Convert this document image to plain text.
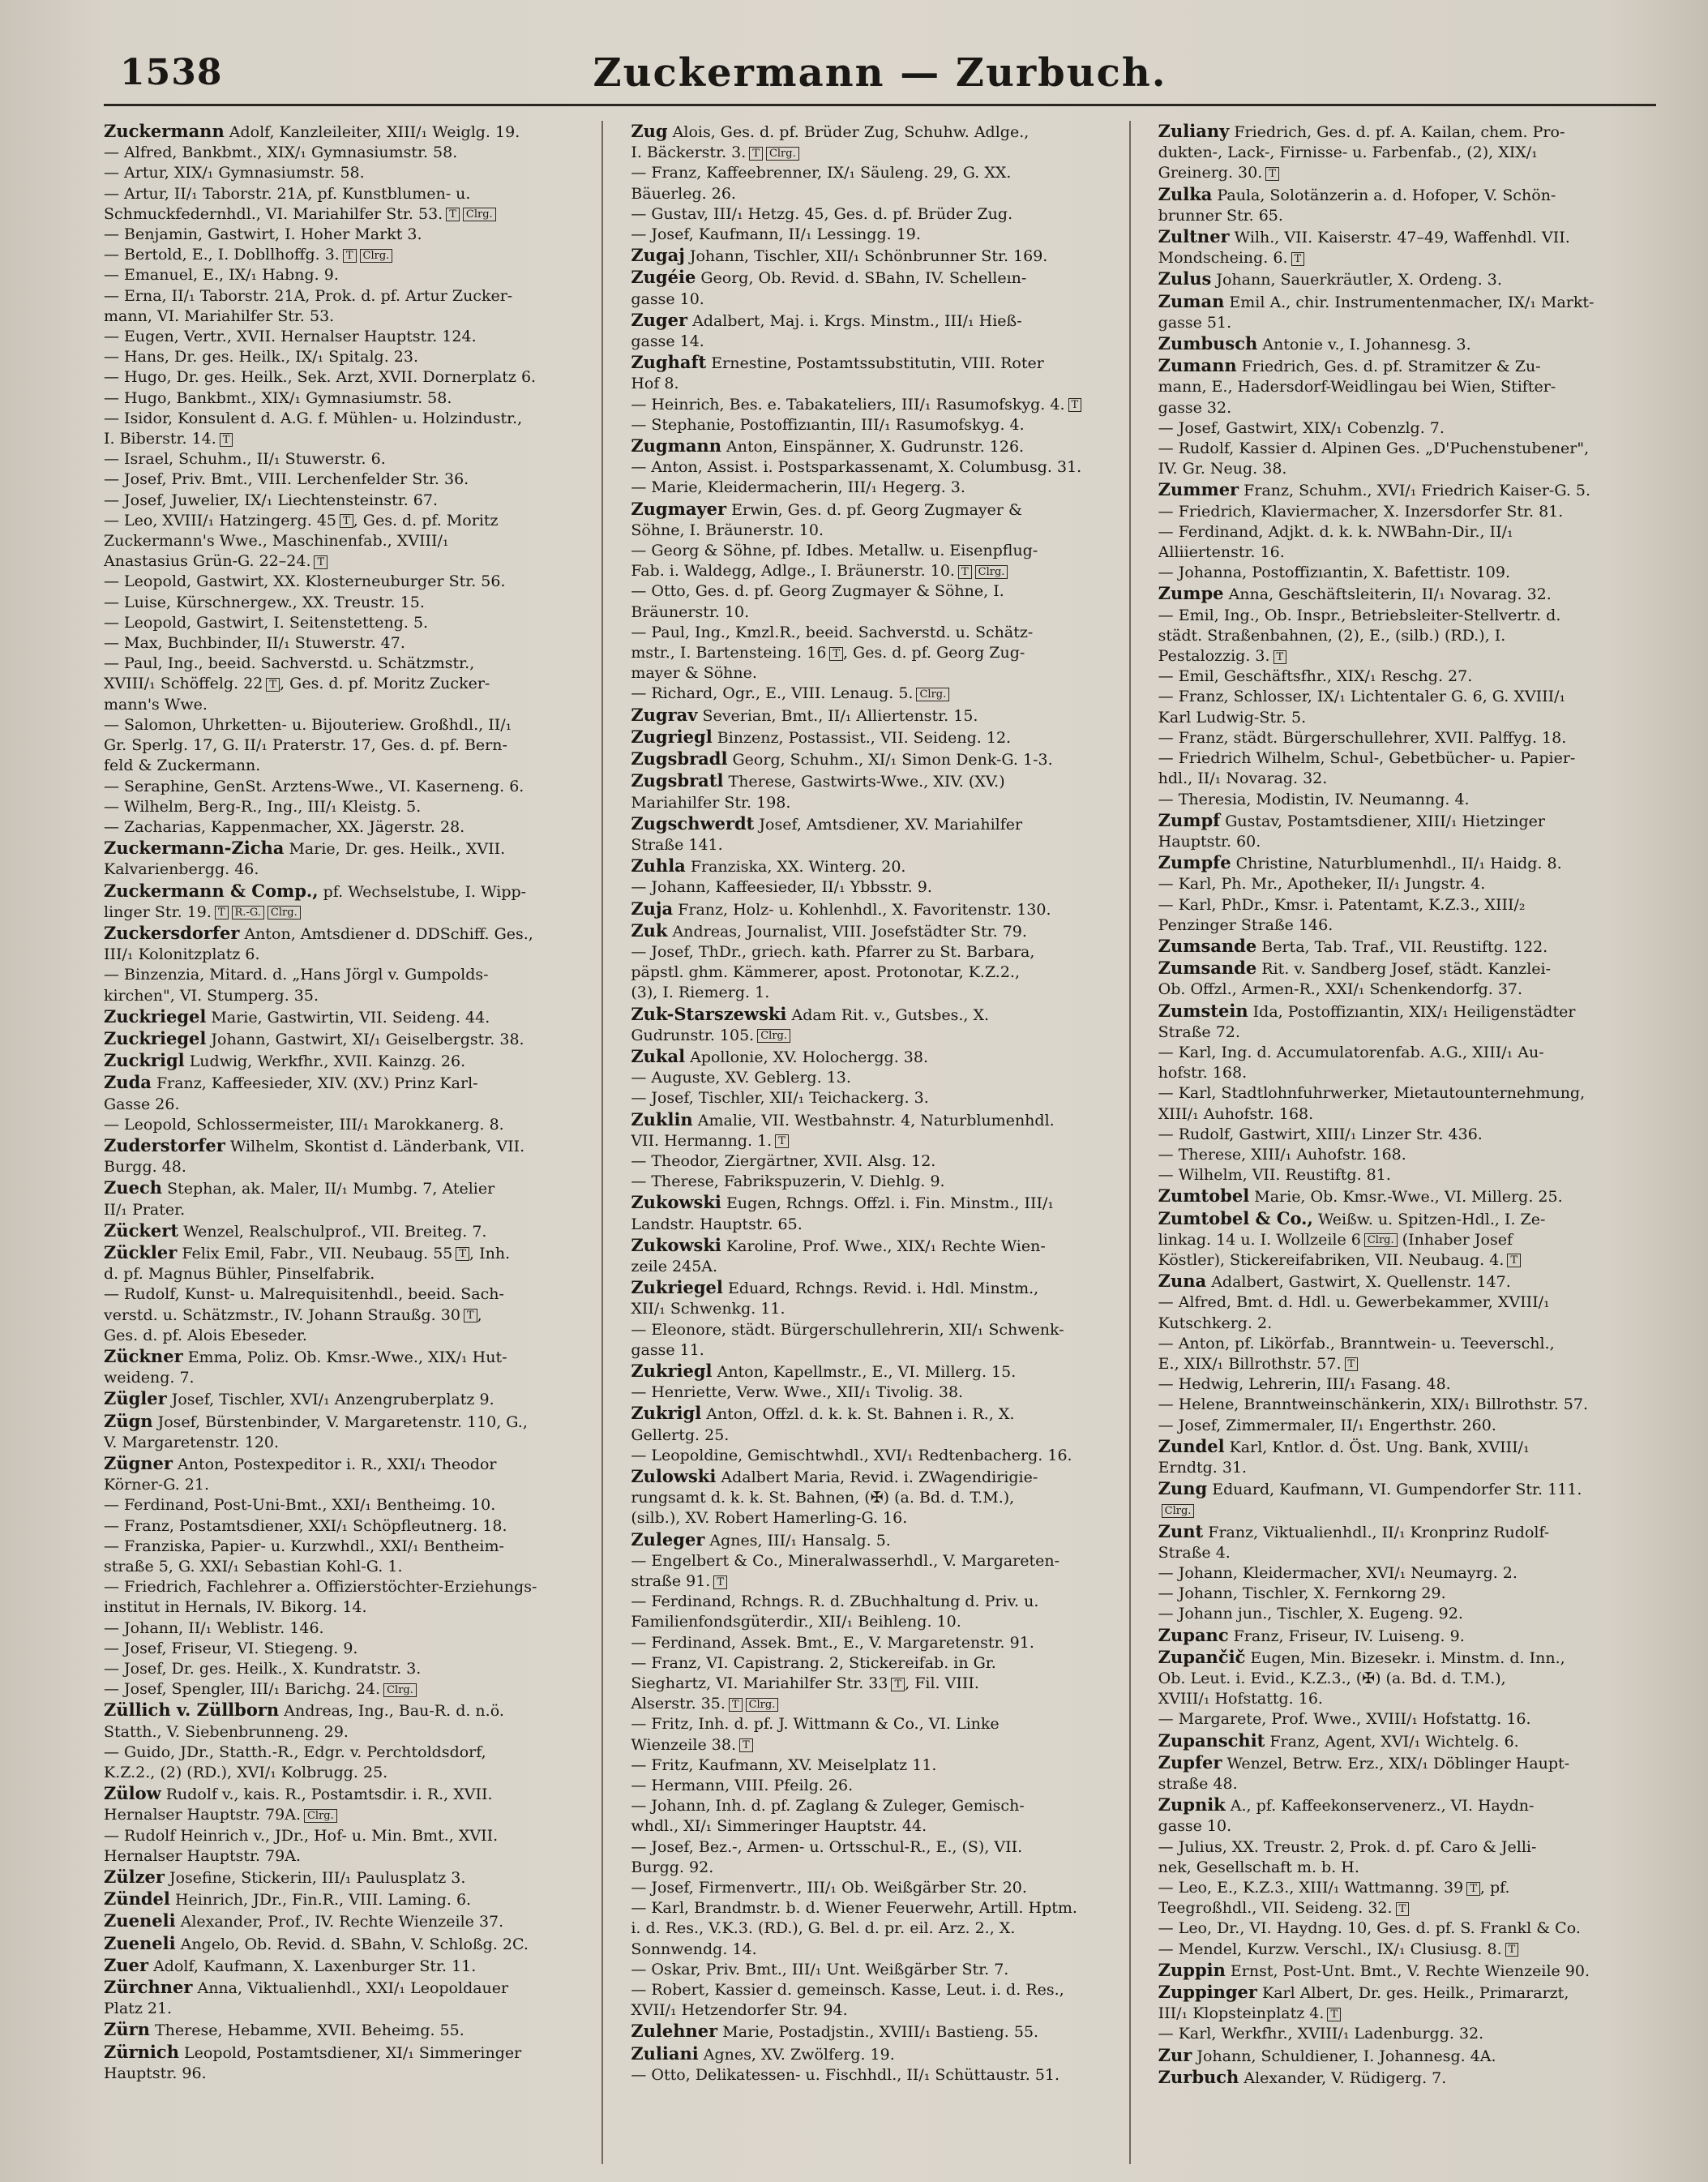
1538	Zuckermann — Zurbuch.
Zuckermann Adolf, Kanzleileiter, XIII/₁ Weiglg. 19.
— Alfred, Bankbmt., XIX/₁ Gymnasiumstr. 58.
— Artur, XIX/₁ Gymnasiumstr. 58.
— Artur, II/₁ Taborstr. 21A, pf. Kunstblumen- u.
Schmuckfedernhdl., VI. Mariahilfer Str. 53. T Clrg.
— Benjamin, Gastwirt, I. Hoher Markt 3.
— Bertold, E., I. Dobllhoffg. 3. T Clrg.
— Emanuel, E., IX/₁ Habng. 9.
— Erna, II/₁ Taborstr. 21A, Prok. d. pf. Artur Zucker-
mann, VI. Mariahilfer Str. 53.
— Eugen, Vertr., XVII. Hernalser Hauptstr. 124.
— Hans, Dr. ges. Heilk., IX/₁ Spitalg. 23.
— Hugo, Dr. ges. Heilk., Sek. Arzt, XVII. Dornerplatz 6.
— Hugo, Bankbmt., XIX/₁ Gymnasiumstr. 58.
— Isidor, Konsulent d. A.G. f. Mühlen- u. Holzindustr.,
I. Biberstr. 14. T
— Israel, Schuhm., II/₁ Stuwerstr. 6.
— Josef, Priv. Bmt., VIII. Lerchenfelder Str. 36.
— Josef, Juwelier, IX/₁ Liechtensteinstr. 67.
— Leo, XVIII/₁ Hatzingerg. 45 T , Ges. d. pf. Moritz
Zuckermann's Wwe., Maschinenfab., XVIII/₁
Anastasius Grün-G. 22–24. T
— Leopold, Gastwirt, XX. Klosterneuburger Str. 56.
— Luise, Kürschnergew., XX. Treustr. 15.
— Leopold, Gastwirt, I. Seitenstetteng. 5.
— Max, Buchbinder, II/₁ Stuwerstr. 47.
— Paul, Ing., beeid. Sachverstd. u. Schätzmstr.,
XVIII/₁ Schöffelg. 22 T , Ges. d. pf. Moritz Zucker-
mann's Wwe.
— Salomon, Uhrketten- u. Bijouteriew. Großhdl., II/₁
Gr. Sperlg. 17, G. II/₁ Praterstr. 17, Ges. d. pf. Bern-
feld & Zuckermann.
— Seraphine, GenSt. Arztens-Wwe., VI. Kaserneng. 6.
— Wilhelm, Berg-R., Ing., III/₁ Kleistg. 5.
— Zacharias, Kappenmacher, XX. Jägerstr. 28.
Zuckermann-Zicha Marie, Dr. ges. Heilk., XVII.
Kalvarienbergg. 46.
Zuckermann & Comp., pf. Wechselstube, I. Wipp-
linger Str. 19. T R.-G. Clrg.
Zuckersdorfer Anton, Amtsdiener d. DDSchiff. Ges.,
III/₁ Kolonitzplatz 6.
— Binzenzia, Mitard. d. „Hans Jörgl v. Gumpolds-
kirchen", VI. Stumperg. 35.
Zuckriegel Marie, Gastwirtin, VII. Seideng. 44.
Zuckriegel Johann, Gastwirt, XI/₁ Geiselbergstr. 38.
Zuckrigl Ludwig, Werkfhr., XVII. Kainzg. 26.
Zuda Franz, Kaffeesieder, XIV. (XV.) Prinz Karl-
Gasse 26.
— Leopold, Schlossermeister, III/₁ Marokkanerg. 8.
Zuderstorfer Wilhelm, Skontist d. Länderbank, VII.
Burgg. 48.
Zuech Stephan, ak. Maler, II/₁ Mumbg. 7, Atelier
II/₁ Prater.
Zückert Wenzel, Realschulprof., VII. Breiteg. 7.
Zückler Felix Emil, Fabr., VII. Neubaug. 55 T , Inh.
d. pf. Magnus Bühler, Pinselfabrik.
— Rudolf, Kunst- u. Malrequisitenhdl., beeid. Sach-
verstd. u. Schätzmstr., IV. Johann Straußg. 30 T ,
Ges. d. pf. Alois Ebeseder.
Zückner Emma, Poliz. Ob. Kmsr.-Wwe., XIX/₁ Hut-
weideng. 7.
Zügler Josef, Tischler, XVI/₁ Anzengruberplatz 9.
Zügn Josef, Bürstenbinder, V. Margaretenstr. 110, G.,
V. Margaretenstr. 120.
Zügner Anton, Postexpeditor i. R., XXI/₁ Theodor
Körner-G. 21.
— Ferdinand, Post-Uni-Bmt., XXI/₁ Bentheimg. 10.
— Franz, Postamtsdiener, XXI/₁ Schöpfleutnerg. 18.
— Franziska, Papier- u. Kurzwhdl., XXI/₁ Bentheim-
straße 5, G. XXI/₁ Sebastian Kohl-G. 1.
— Friedrich, Fachlehrer a. Offizierstöchter-Erziehungs-
institut in Hernals, IV. Bikorg. 14.
— Johann, II/₁ Weblistr. 146.
— Josef, Friseur, VI. Stiegeng. 9.
— Josef, Dr. ges. Heilk., X. Kundratstr. 3.
— Josef, Spengler, III/₁ Barichg. 24. Clrg.
Züllich v. Züllborn Andreas, Ing., Bau-R. d. n.ö.
Statth., V. Siebenbrunneng. 29.
— Guido, JDr., Statth.-R., Edgr. v. Perchtoldsdorf,
K.Z.2., (2) (RD.), XVI/₁ Kolbrugg. 25.
Zülow Rudolf v., kais. R., Postamtsdir. i. R., XVII.
Hernalser Hauptstr. 79A. Clrg.
— Rudolf Heinrich v., JDr., Hof- u. Min. Bmt., XVII.
Hernalser Hauptstr. 79A.
Zülzer Josefine, Stickerin, III/₁ Paulusplatz 3.
Zündel Heinrich, JDr., Fin.R., VIII. Laming. 6.
Zueneli Alexander, Prof., IV. Rechte Wienzeile 37.
Zueneli Angelo, Ob. Revid. d. SBahn, V. Schloßg. 2C.
Zuer Adolf, Kaufmann, X. Laxenburger Str. 11.
Zürchner Anna, Viktualienhdl., XXI/₁ Leopoldauer
Platz 21.
Zürn Therese, Hebamme, XVII. Beheimg. 55.
Zürnich Leopold, Postamtsdiener, XI/₁ Simmeringer
Hauptstr. 96.
Zug Alois, Ges. d. pf. Brüder Zug, Schuhw. Adlge.,
I. Bäckerstr. 3. T Clrg.
— Franz, Kaffeebrenner, IX/₁ Säuleng. 29, G. XX.
Bäuerleg. 26.
— Gustav, III/₁ Hetzg. 45, Ges. d. pf. Brüder Zug.
— Josef, Kaufmann, II/₁ Lessingg. 19.
Zugaj Johann, Tischler, XII/₁ Schönbrunner Str. 169.
Zugéie Georg, Ob. Revid. d. SBahn, IV. Schelleın-
gasse 10.
Zuger Adalbert, Maj. i. Krgs. Minstm., III/₁ Hieß-
gasse 14.
Zughaft Ernestine, Postamtssubstitutin, VIII. Roter
Hof 8.
— Heinrich, Bes. e. Tabakateliers, III/₁ Rasumofskyg. 4. T
— Stephanie, Postoffizıantin, III/₁ Rasumofskyg. 4.
Zugmann Anton, Einspänner, X. Gudrunstr. 126.
— Anton, Assist. i. Postsparkassenamt, X. Columbusg. 31.
— Marie, Kleidermacherin, III/₁ Hegerg. 3.
Zugmayer Erwin, Ges. d. pf. Georg Zugmayer &
Söhne, I. Bräunerstr. 10.
— Georg & Söhne, pf. Idbes. Metallw. u. Eisenpflug-
Fab. i. Waldegg, Adlge., I. Bräunerstr. 10. T Clrg.
— Otto, Ges. d. pf. Georg Zugmayer & Söhne, I.
Bräunerstr. 10.
— Paul, Ing., Kmzl.R., beeid. Sachverstd. u. Schätz-
mstr., I. Bartensteing. 16 T , Ges. d. pf. Georg Zug-
mayer & Söhne.
— Richard, Ogr., E., VIII. Lenaug. 5. Clrg.
Zugrav Severian, Bmt., II/₁ Alliertenstr. 15.
Zugriegl Binzenz, Postassist., VII. Seideng. 12.
Zugsbradl Georg, Schuhm., XI/₁ Simon Denk-G. 1-3.
Zugsbratl Therese, Gastwirts-Wwe., XIV. (XV.)
Mariahilfer Str. 198.
Zugschwerdt Josef, Amtsdiener, XV. Mariahilfer
Straße 141.
Zuhla Franziska, XX. Winterg. 20.
— Johann, Kaffeesieder, II/₁ Ybbsstr. 9.
Zuja Franz, Holz- u. Kohlenhdl., X. Favoritenstr. 130.
Zuk Andreas, Journalist, VIII. Josefstädter Str. 79.
— Josef, ThDr., griech. kath. Pfarrer zu St. Barbara,
päpstl. ghm. Kämmerer, apost. Protonotar, K.Z.2.,
(3), I. Riemerg. 1.
Zuk-Starszewski Adam Rit. v., Gutsbes., X.
Gudrunstr. 105. Clrg.
Zukal Apollonie, XV. Holochergg. 38.
— Auguste, XV. Geblerg. 13.
— Josef, Tischler, XII/₁ Teichackerg. 3.
Zuklin Amalie, VII. Westbahnstr. 4, Naturblumenhdl.
VII. Hermanng. 1. T
— Theodor, Ziergärtner, XVII. Alsg. 12.
— Therese, Fabrikspuzerin, V. Diehlg. 9.
Zukowski Eugen, Rchngs. Offzl. i. Fin. Minstm., III/₁
Landstr. Hauptstr. 65.
Zukowski Karoline, Prof. Wwe., XIX/₁ Rechte Wien-
zeile 245A.
Zukriegel Eduard, Rchngs. Revid. i. Hdl. Minstm.,
XII/₁ Schwenkg. 11.
— Eleonore, städt. Bürgerschullehrerin, XII/₁ Schwenk-
gasse 11.
Zukriegl Anton, Kapellmstr., E., VI. Millerg. 15.
— Henriette, Verw. Wwe., XII/₁ Tivolig. 38.
Zukrigl Anton, Offzl. d. k. k. St. Bahnen i. R., X.
Gellertg. 25.
— Leopoldine, Gemischtwhdl., XVI/₁ Redtenbacherg. 16.
Zulowski Adalbert Maria, Revid. i. ZWagendirigie-
rungsamt d. k. k. St. Bahnen, (✠) (a. Bd. d. T.M.),
(silb.), XV. Robert Hamerling-G. 16.
Zuleger Agnes, III/₁ Hansalg. 5.
— Engelbert & Co., Mineralwasserhdl., V. Margareten-
straße 91. T
— Ferdinand, Rchngs. R. d. ZBuchhaltung d. Priv. u.
Familienfondsgüterdir., XII/₁ Beihleng. 10.
— Ferdinand, Assek. Bmt., E., V. Margaretenstr. 91.
— Franz, VI. Capistrang. 2, Stickereifab. in Gr.
Sieghartz, VI. Mariahilfer Str. 33 T , Fil. VIII.
Alserstr. 35. T Clrg.
— Fritz, Inh. d. pf. J. Wittmann & Co., VI. Linke
Wienzeile 38. T
— Fritz, Kaufmann, XV. Meiselplatz 11.
— Hermann, VIII. Pfeilg. 26.
— Johann, Inh. d. pf. Zaglang & Zuleger, Gemisch-
whdl., XI/₁ Simmeringer Hauptstr. 44.
— Josef, Bez.-, Armen- u. Ortsschul-R., E., (S), VII.
Burgg. 92.
— Josef, Firmenvertr., III/₁ Ob. Weißgärber Str. 20.
— Karl, Brandmstr. b. d. Wiener Feuerwehr, Artill. Hptm.
i. d. Res., V.K.3. (RD.), G. Bel. d. pr. eil. Arz. 2., X.
Sonnwendg. 14.
— Oskar, Priv. Bmt., III/₁ Unt. Weißgärber Str. 7.
— Robert, Kassier d. gemeinsch. Kasse, Leut. i. d. Res.,
XVII/₁ Hetzendorfer Str. 94.
Zulehner Marie, Postadjstin., XVIII/₁ Bastieng. 55.
Zuliani Agnes, XV. Zwölferg. 19.
— Otto, Delikatessen- u. Fischhdl., II/₁ Schüttaustr. 51.
Zuliany Friedrich, Ges. d. pf. A. Kailan, chem. Pro-
dukten-, Lack-, Firnisse- u. Farbenfab., (2), XIX/₁
Greinerg. 30. T
Zulka Paula, Solotänzerin a. d. Hofoper, V. Schön-
brunner Str. 65.
Zultner Wilh., VII. Kaiserstr. 47–49, Waffenhdl. VII.
Mondscheing. 6. T
Zulus Johann, Sauerkräutler, X. Ordeng. 3.
Zuman Emil A., chir. Instrumentenmacher, IX/₁ Markt-
gasse 51.
Zumbusch Antonie v., I. Johannesg. 3.
Zumann Friedrich, Ges. d. pf. Stramitzer & Zu-
mann, E., Hadersdorf-Weidlingau bei Wien, Stifter-
gasse 32.
— Josef, Gastwirt, XIX/₁ Cobenzlg. 7.
— Rudolf, Kassier d. Alpinen Ges. „D'Puchenstubener",
IV. Gr. Neug. 38.
Zummer Franz, Schuhm., XVI/₁ Friedrich Kaiser-G. 5.
— Friedrich, Klaviermacher, X. Inzersdorfer Str. 81.
— Ferdinand, Adjkt. d. k. k. NWBahn-Dir., II/₁
Alliiertenstr. 16.
— Johanna, Postoffizıantin, X. Bafettistr. 109.
Zumpe Anna, Geschäftsleiterin, II/₁ Novarag. 32.
— Emil, Ing., Ob. Inspr., Betriebsleiter-Stellvertr. d.
städt. Straßenbahnen, (2), E., (silb.) (RD.), I.
Pestalozzig. 3. T
— Emil, Geschäftsfhr., XIX/₁ Reschg. 27.
— Franz, Schlosser, IX/₁ Lichtentaler G. 6, G. XVIII/₁
Karl Ludwig-Str. 5.
— Franz, städt. Bürgerschullehrer, XVII. Palffyg. 18.
— Friedrich Wilhelm, Schul-, Gebetbücher- u. Papier-
hdl., II/₁ Novarag. 32.
— Theresia, Modistin, IV. Neumanng. 4.
Zumpf Gustav, Postamtsdiener, XIII/₁ Hietzinger
Hauptstr. 60.
Zumpfe Christine, Naturblumenhdl., II/₁ Haidg. 8.
— Karl, Ph. Mr., Apotheker, II/₁ Jungstr. 4.
— Karl, PhDr., Kmsr. i. Patentamt, K.Z.3., XIII/₂
Penzinger Straße 146.
Zumsande Berta, Tab. Traf., VII. Reustiftg. 122.
Zumsande Rit. v. Sandberg Josef, städt. Kanzlei-
Ob. Offzl., Armen-R., XXI/₁ Schenkendorfg. 37.
Zumstein Ida, Postoffizıantin, XIX/₁ Heiligenstädter
Straße 72.
— Karl, Ing. d. Accumulatorenfab. A.G., XIII/₁ Au-
hofstr. 168.
— Karl, Stadtlohnfuhrwerker, Mietautounternehmung,
XIII/₁ Auhofstr. 168.
— Rudolf, Gastwirt, XIII/₁ Linzer Str. 436.
— Therese, XIII/₁ Auhofstr. 168.
— Wilhelm, VII. Reustiftg. 81.
Zumtobel Marie, Ob. Kmsr.-Wwe., VI. Millerg. 25.
Zumtobel & Co., Weißw. u. Spitzen-Hdl., I. Ze-
linkag. 14 u. I. Wollzeile 6 Clrg. (Inhaber Josef
Köstler), Stickereifabriken, VII. Neubaug. 4. T
Zuna Adalbert, Gastwirt, X. Quellenstr. 147.
— Alfred, Bmt. d. Hdl. u. Gewerbekammer, XVIII/₁
Kutschkerg. 2.
— Anton, pf. Likörfab., Branntwein- u. Teeverschl.,
E., XIX/₁ Billrothstr. 57. T
— Hedwig, Lehrerin, III/₁ Fasang. 48.
— Helene, Branntweinschänkerin, XIX/₁ Billrothstr. 57.
— Josef, Zimmermaler, II/₁ Engerthstr. 260.
Zundel Karl, Kntlor. d. Öst. Ung. Bank, XVIII/₁
Erndtg. 31.
Zung Eduard, Kaufmann, VI. Gumpendorfer Str. 111.
Clrg.
Zunt Franz, Viktualienhdl., II/₁ Kronprinz Rudolf-
Straße 4.
— Johann, Kleidermacher, XVI/₁ Neumayrg. 2.
— Johann, Tischler, X. Fernkorng 29.
— Johann jun., Tischler, X. Eugeng. 92.
Zupanc Franz, Friseur, IV. Luiseng. 9.
Zupančič Eugen, Min. Bizesekr. i. Minstm. d. Inn.,
Ob. Leut. i. Evid., K.Z.3., (✠) (a. Bd. d. T.M.),
XVIII/₁ Hofstattg. 16.
— Margarete, Prof. Wwe., XVIII/₁ Hofstattg. 16.
Zupanschit Franz, Agent, XVI/₁ Wichtelg. 6.
Zupfer Wenzel, Betrw. Erz., XIX/₁ Döblinger Haupt-
straße 48.
Zupnik A., pf. Kaffeekonservenerz., VI. Haydn-
gasse 10.
— Julius, XX. Treustr. 2, Prok. d. pf. Caro & Jelli-
nek, Gesellschaft m. b. H.
— Leo, E., K.Z.3., XIII/₁ Wattmanng. 39 T , pf.
Teegroßhdl., VII. Seideng. 32. T
— Leo, Dr., VI. Haydng. 10, Ges. d. pf. S. Frankl & Co.
— Mendel, Kurzw. Verschl., IX/₁ Clusiusg. 8. T
Zuppin Ernst, Post-Unt. Bmt., V. Rechte Wienzeile 90.
Zuppinger Karl Albert, Dr. ges. Heilk., Primararzt,
III/₁ Klopsteinplatz 4. T
— Karl, Werkfhr., XVIII/₁ Ladenburgg. 32.
Zur Johann, Schuldiener, I. Johannesg. 4A.
Zurbuch Alexander, V. Rüdigerg. 7.
